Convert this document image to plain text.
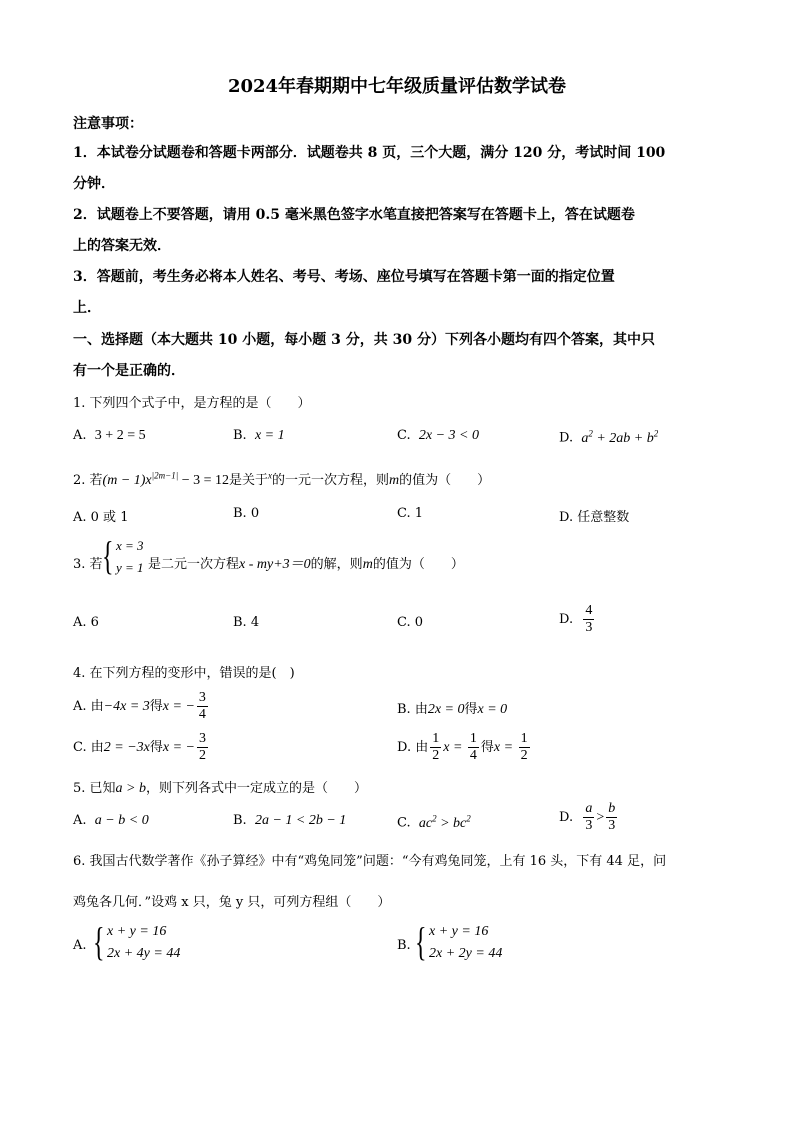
2024年春期期中七年级质量评估数学试卷
注意事项：
1．本试卷分试题卷和答题卡两部分．试题卷共 8 页，三个大题，满分 120 分，考试时间 100
分钟．
2．试题卷上不要答题，请用 0.5 毫米黑色签字水笔直接把答案写在答题卡上，答在试题卷
上的答案无效．
3．答题前，考生务必将本人姓名、考号、考场、座位号填写在答题卡第一面的指定位置
上．
一、选择题（本大题共 10 小题，每小题 3 分，共 30 分）下列各小题均有四个答案，其中只
有一个是正确的．
1. 下列四个式子中，是方程的是（　　）
A. 3 + 2 = 5	B. x = 1	C. 2x − 3 < 0	D. $a^2 + 2ab + b^2$
2. 若$(m - 1)x^{|2m-1|} - 3 = 12$是关于$^x$的一元一次方程，则m的值为（　　）
A. 0 或 1	B. 0	C. 1	D. 任意整数
3. 若 { x = 3
y = 1 是二元一次方程x - my+3＝0的解，则m的值为（　　）
A. 6	B. 4	C. 0	D. $\frac{4}{3}$
4. 在下列方程的变形中，错误的是(　)
A. 由−4x = 3得x = − $\frac{3}{4}$	B. 由2x = 0得x = 0
C. 由2 = −3x得x = − $\frac{3}{2}$	D. 由 $\frac{1}{2}$ $x = \frac{1}{4}$ 得$x = \frac{1}{2}$
5. 已知a > b，则下列各式中一定成立的是（　　）
A. a − b < 0	B. 2a − 1 < 2b − 1	C. $ac^2 > bc^2$	D. $\frac{a}{3} > \frac{b}{3}$
6. 我国古代数学著作《孙子算经》中有“鸡兔同笼”问题：“今有鸡兔同笼，上有 16 头，下有 44 足，问
鸡兔各几何．”设鸡 x 只，兔 y 只，可列方程组（　　）
A. { x + y = 16
2x + 4y = 44
B. { x + y = 16
2x + 2y = 44
